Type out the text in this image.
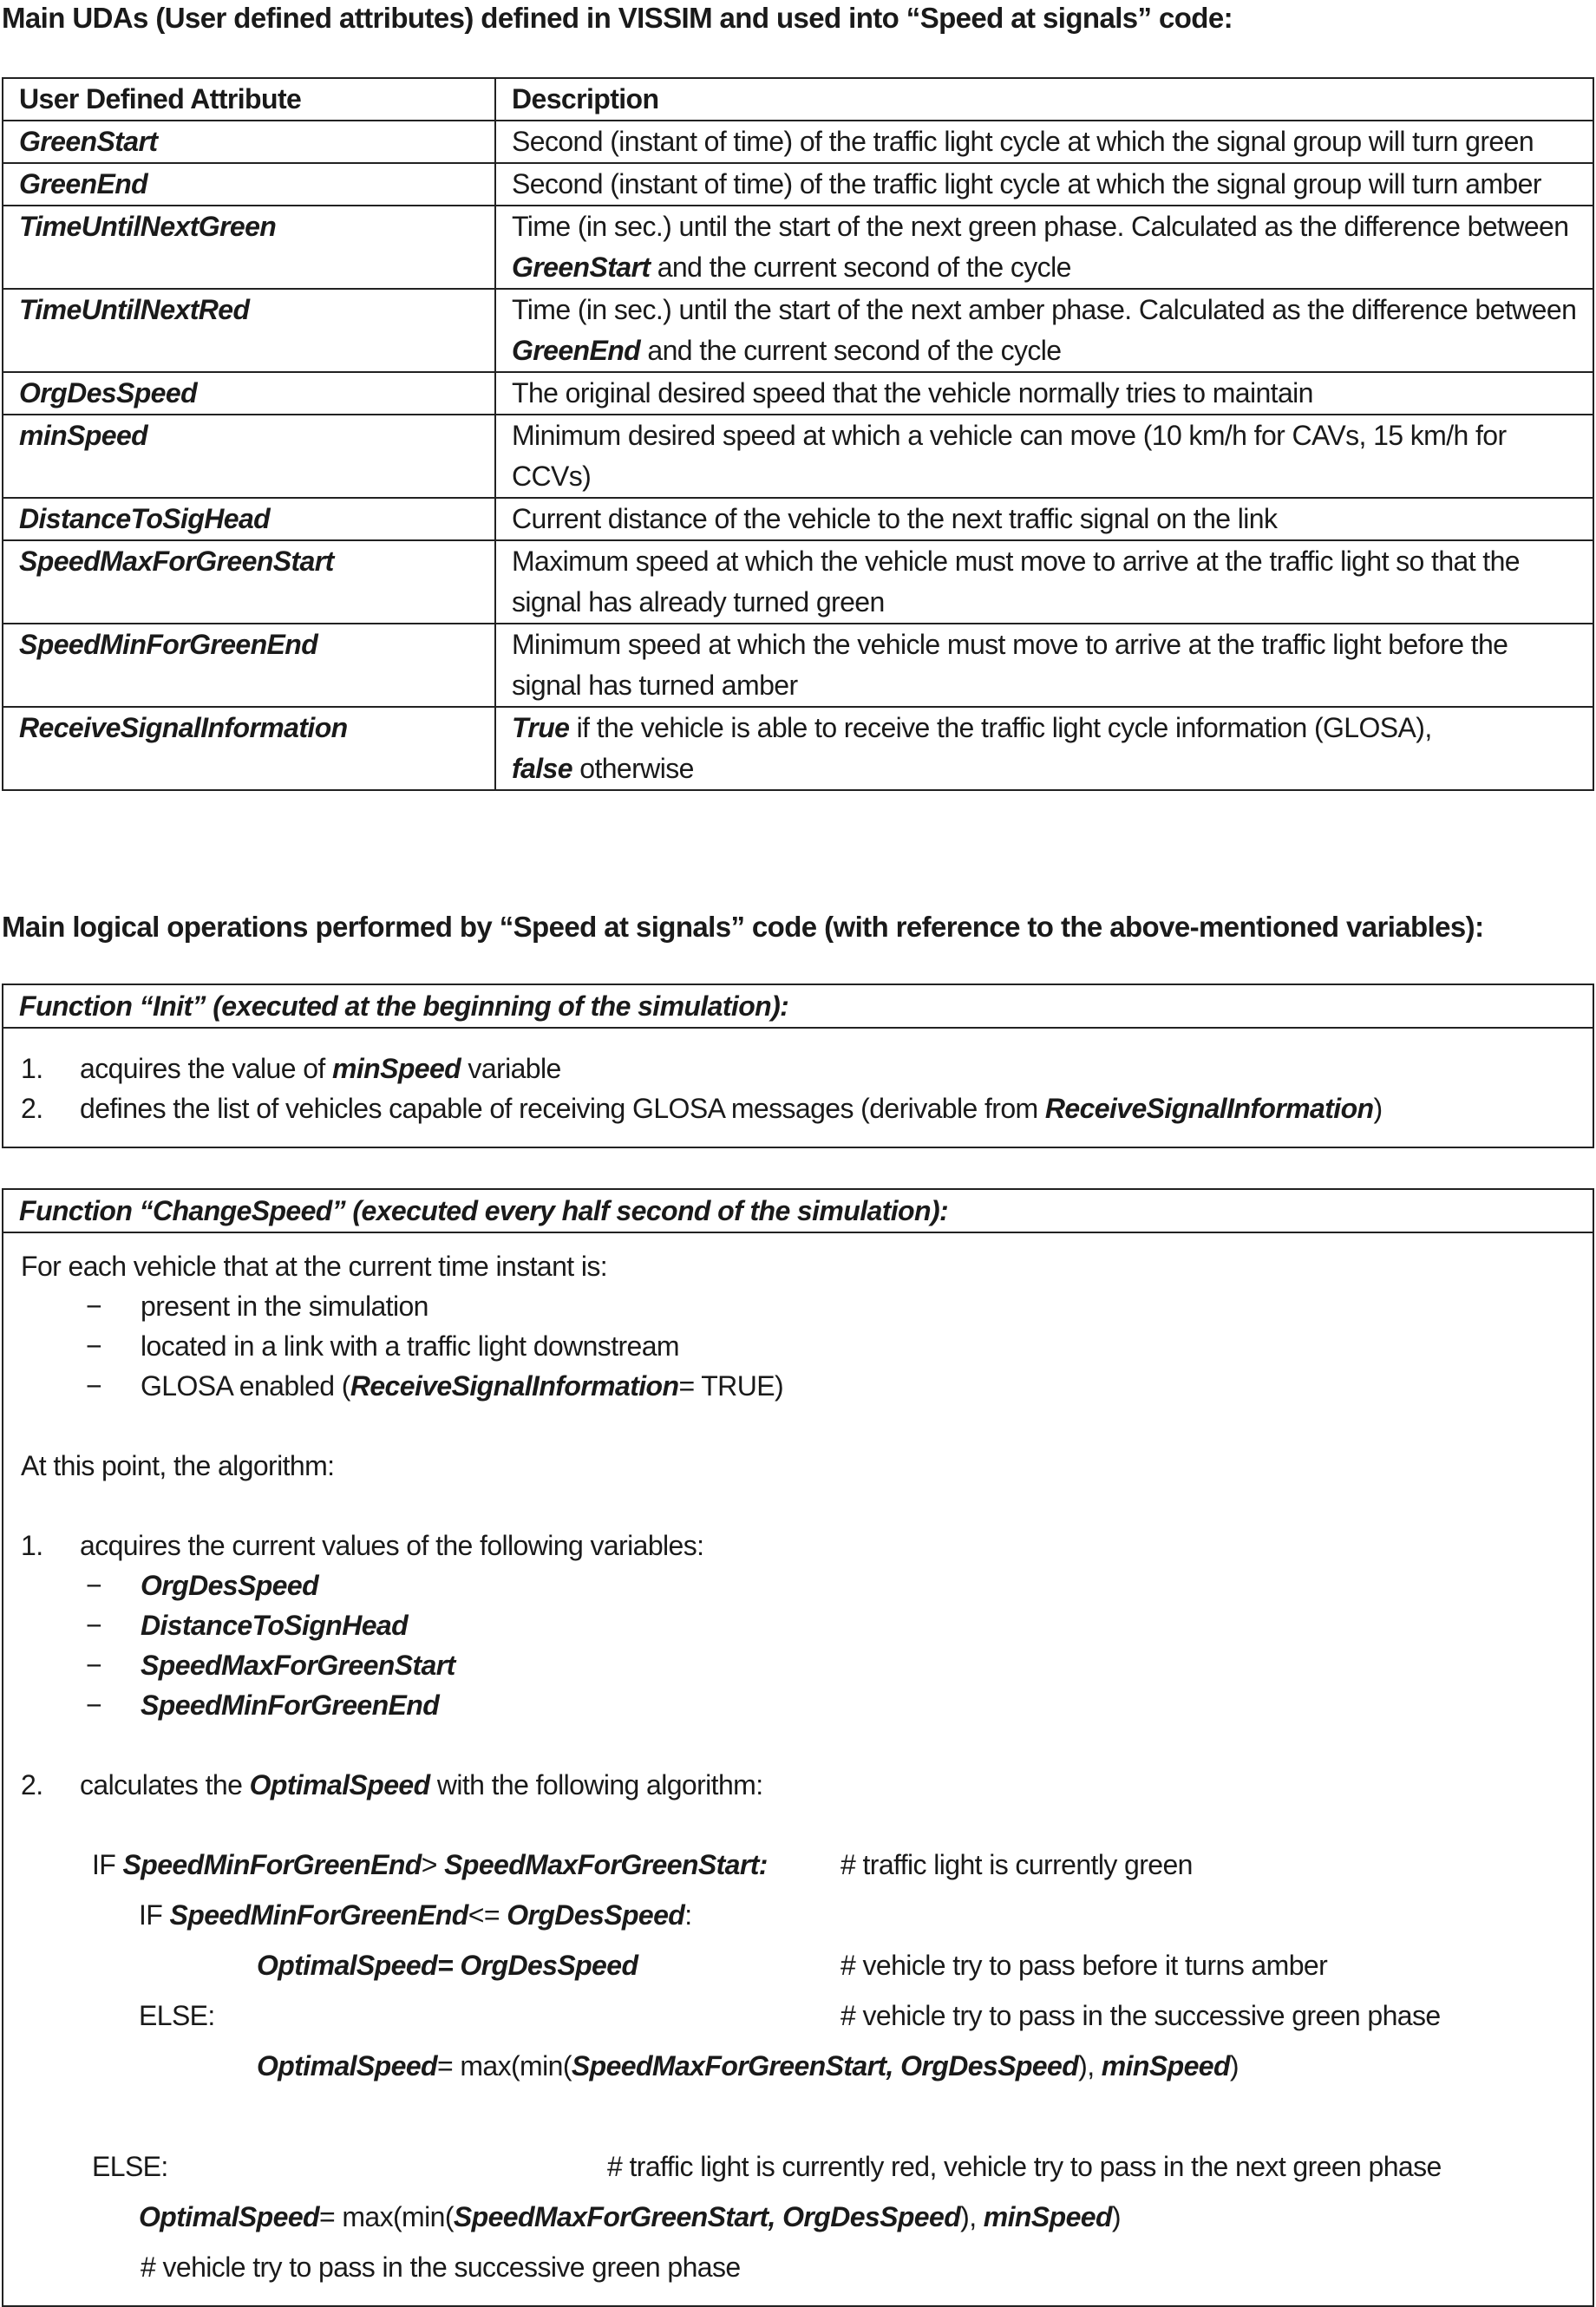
Main UDAs (User defined attributes) defined in VISSIM and used into “Speed at signals” code:
User Defined Attribute	Description
GreenStart	Second (instant of time) of the traffic light cycle at which the signal group will turn green
GreenEnd	Second (instant of time) of the traffic light cycle at which the signal group will turn amber
TimeUntilNextGreen	Time (in sec.) until the start of the next green phase. Calculated as the difference between GreenStart and the current second of the cycle
TimeUntilNextRed	Time (in sec.) until the start of the next amber phase. Calculated as the difference between GreenEnd and the current second of the cycle
OrgDesSpeed	The original desired speed that the vehicle normally tries to maintain
minSpeed	Minimum desired speed at which a vehicle can move (10 km/h for CAVs, 15 km/h for CCVs)
DistanceToSigHead	Current distance of the vehicle to the next traffic signal on the link
SpeedMaxForGreenStart	Maximum speed at which the vehicle must move to arrive at the traffic light so that the signal has already turned green
SpeedMinForGreenEnd	Minimum speed at which the vehicle must move to arrive at the traffic light before the signal has turned amber
ReceiveSignalInformation	True if the vehicle is able to receive the traffic light cycle information (GLOSA),
false otherwise
Main logical operations performed by “Speed at signals” code (with reference to the above-mentioned variables):
Function “Init” (executed at the beginning of the simulation):
1. acquires the value of minSpeed variable
2. defines the list of vehicles capable of receiving GLOSA messages (derivable from ReceiveSignalInformation)
Function “ChangeSpeed” (executed every half second of the simulation):
For each vehicle that at the current time instant is:
− present in the simulation
− located in a link with a traffic light downstream
− GLOSA enabled (ReceiveSignalInformation= TRUE)
At this point, the algorithm:
1. acquires the current values of the following variables:
− OrgDesSpeed
− DistanceToSignHead
− SpeedMaxForGreenStart
− SpeedMinForGreenEnd
2. calculates the OptimalSpeed with the following algorithm:
IF SpeedMinForGreenEnd> SpeedMaxForGreenStart:	# traffic light is currently green
IF SpeedMinForGreenEnd<= OrgDesSpeed:
OptimalSpeed= OrgDesSpeed	# vehicle try to pass before it turns amber
ELSE:	# vehicle try to pass in the successive green phase
OptimalSpeed= max(min(SpeedMaxForGreenStart, OrgDesSpeed), minSpeed)
ELSE:	# traffic light is currently red, vehicle try to pass in the next green phase
OptimalSpeed= max(min(SpeedMaxForGreenStart, OrgDesSpeed), minSpeed)
# vehicle try to pass in the successive green phase
